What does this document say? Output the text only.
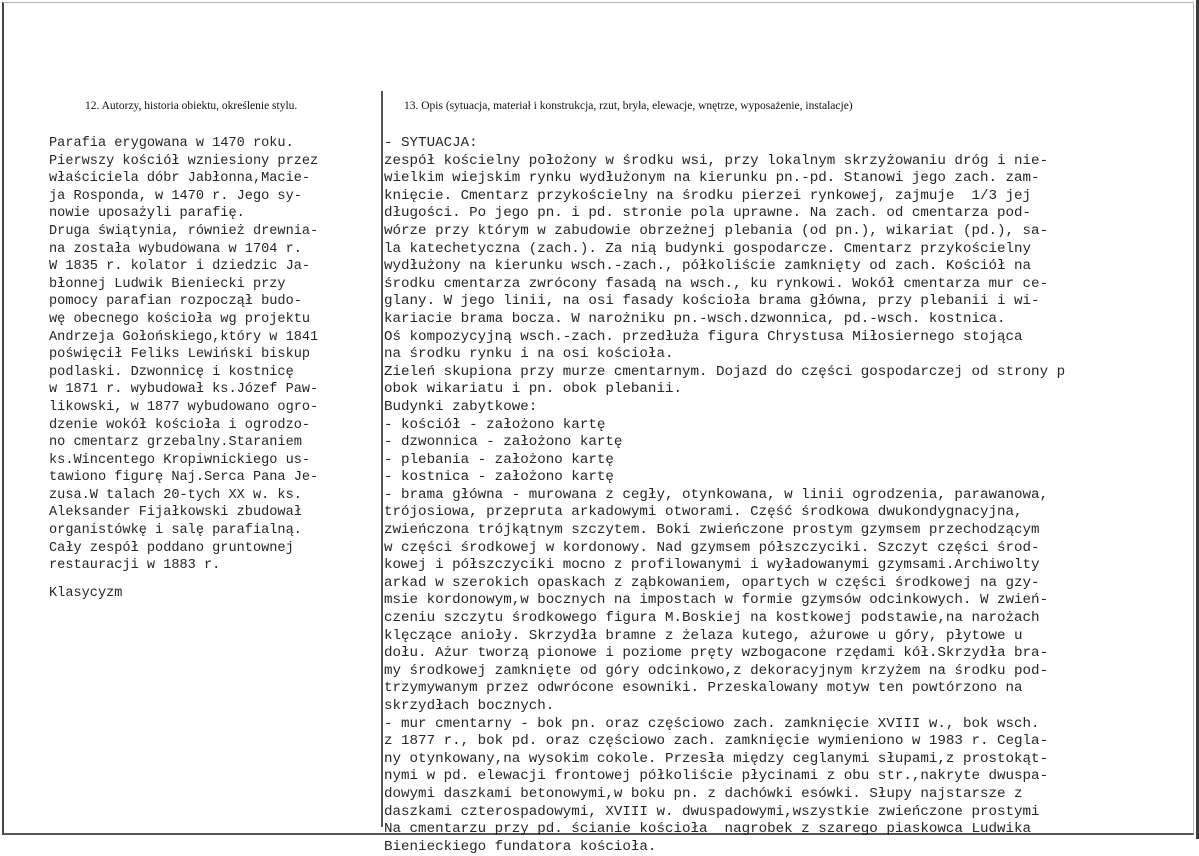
12. Autorzy, historia obiektu, określenie stylu.	13. Opis (sytuacja, materiał i konstrukcja, rzut, bryła, elewacje, wnętrze, wyposażenie, instalacje)
Parafia erygowana w 1470 roku.
Pierwszy kościół wzniesiony przez
właściciela dóbr Jabłonna,Macie-
ja Rosponda, w 1470 r. Jego sy-
nowie uposażyli parafię.
Druga świątynia, również drewnia-
na została wybudowana w 1704 r.
W 1835 r. kolator i dziedzic Ja-
błonnej Ludwik Bieniecki przy
pomocy parafian rozpoczął budo-
wę obecnego kościoła wg projektu
Andrzeja Gołońskiego,który w 1841
poświęcił Feliks Lewiński biskup
podlaski. Dzwonnicę i kostnicę
w 1871 r. wybudował ks.Józef Paw-
likowski, w 1877 wybudowano ogro-
dzenie wokół kościoła i ogrodzo-
no cmentarz grzebalny.Staraniem
ks.Wincentego Kropiwnickiego us-
tawiono figurę Naj.Serca Pana Je-
zusa.W talach 20-tych XX w. ks.
Aleksander Fijałkowski zbudował
organistówkę i salę parafialną.
Cały zespół poddano gruntownej
restauracji w 1883 r.
Klasycyzm
- SYTUACJA:
zespół kościelny położony w środku wsi, przy lokalnym skrzyżowaniu dróg i nie-
wielkim wiejskim rynku wydłużonym na kierunku pn.-pd. Stanowi jego zach. zam-
knięcie. Cmentarz przykościelny na środku pierzei rynkowej, zajmuje  1/3 jej
długości. Po jego pn. i pd. stronie pola uprawne. Na zach. od cmentarza pod-
wórze przy którym w zabudowie obrzeżnej plebania (od pn.), wikariat (pd.), sa-
la katechetyczna (zach.). Za nią budynki gospodarcze. Cmentarz przykościelny
wydłużony na kierunku wsch.-zach., półkoliście zamknięty od zach. Kościół na
środku cmentarza zwrócony fasadą na wsch., ku rynkowi. Wokół cmentarza mur ce-
glany. W jego linii, na osi fasady kościoła brama główna, przy plebanii i wi-
kariacie brama bocza. W narożniku pn.-wsch.dzwonnica, pd.-wsch. kostnica.
Oś kompozycyjną wsch.-zach. przedłuża figura Chrystusa Miłosiernego stojąca
na środku rynku i na osi kościoła.
Zieleń skupiona przy murze cmentarnym. Dojazd do części gospodarczej od strony p
obok wikariatu i pn. obok plebanii.
Budynki zabytkowe:
- kościół - założono kartę
- dzwonnica - założono kartę
- plebania - założono kartę
- kostnica - założono kartę
- brama główna - murowana z cegły, otynkowana, w linii ogrodzenia, parawanowa,
trójosiowa, przepruta arkadowymi otworami. Część środkowa dwukondygnacyjna,
zwieńczona trójkątnym szczytem. Boki zwieńczone prostym gzymsem przechodzącym
w części środkowej w kordonowy. Nad gzymsem półszczyciki. Szczyt części środ-
kowej i półszczyciki mocno z profilowanymi i wyładowanymi gzymsami.Archiwolty
arkad w szerokich opaskach z ząbkowaniem, opartych w części środkowej na gzy-
msie kordonowym,w bocznych na impostach w formie gzymsów odcinkowych. W zwień-
czeniu szczytu środkowego figura M.Boskiej na kostkowej podstawie,na narożach
klęczące anioły. Skrzydła bramne z żelaza kutego, ażurowe u góry, płytowe u
dołu. Ażur tworzą pionowe i poziome pręty wzbogacone rzędami kół.Skrzydła bra-
my środkowej zamknięte od góry odcinkowo,z dekoracyjnym krzyżem na środku pod-
trzymywanym przez odwrócone esowniki. Przeskalowany motyw ten powtórzono na
skrzydłach bocznych.
- mur cmentarny - bok pn. oraz częściowo zach. zamknięcie XVIII w., bok wsch.
z 1877 r., bok pd. oraz częściowo zach. zamknięcie wymieniono w 1983 r. Cegla-
ny otynkowany,na wysokim cokole. Przesła między ceglanymi słupami,z prostokąt-
nymi w pd. elewacji frontowej półkoliście płycinami z obu str.,nakryte dwuspa-
dowymi daszkami betonowymi,w boku pn. z dachówki esówki. Słupy najstarsze z
daszkami czterospadowymi, XVIII w. dwuspadowymi,wszystkie zwieńczone prostymi
Na cmentarzu przy pd. ścianie kościoła  nagrobek z szarego piaskowca Ludwika
Bienieckiego fundatora kościoła.
